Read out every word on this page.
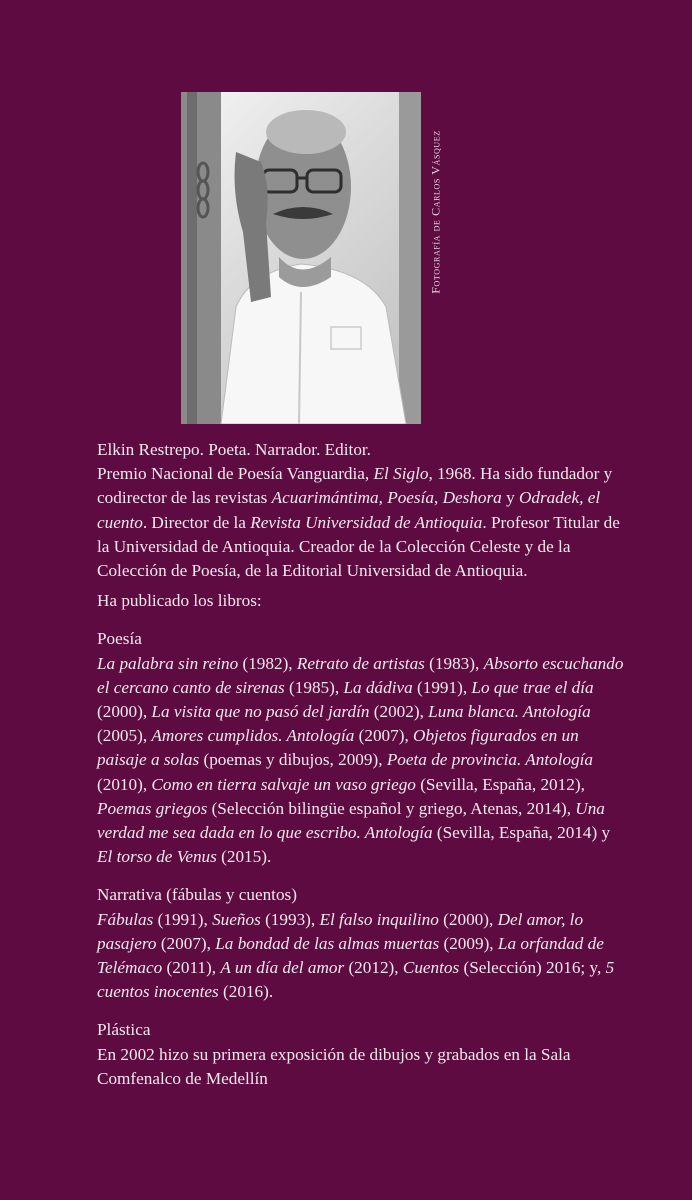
Fotografía de Carlos Vásquez

Elkin Restrepo. Poeta. Narrador. Editor.

Premio Nacional de Poesía Vanguardia, El Siglo, 1968. Ha sido fundador y codirector de las revistas Acuarimántima, Poesía, Deshora y Odradek, el cuento. Director de la Revista Universidad de Antioquia. Profesor Titular de la Universidad de Antioquia. Creador de la Colección Celeste y de la Colección de Poesía, de la Editorial Universidad de Antioquia.

Ha publicado los libros:

Poesía

La palabra sin reino (1982), Retrato de artistas (1983), Absorto escuchando el cercano canto de sirenas (1985), La dádiva (1991), Lo que trae el día (2000), La visita que no pasó del jardín (2002), Luna blanca. Antología (2005), Amores cumplidos. Antología (2007), Objetos figurados en un paisaje a solas (poemas y dibujos, 2009), Poeta de provincia. Antología (2010), Como en tierra salvaje un vaso griego (Sevilla, España, 2012), Poemas griegos (Selección bilingüe español y griego, Atenas, 2014), Una verdad me sea dada en lo que escribo. Antología (Sevilla, España, 2014) y El torso de Venus (2015).

Narrativa (fábulas y cuentos)

Fábulas (1991), Sueños (1993), El falso inquilino (2000), Del amor, lo pasajero (2007), La bondad de las almas muertas (2009), La orfandad de Telémaco (2011), A un día del amor (2012), Cuentos (Selección) 2016; y, 5 cuentos inocentes (2016).

Plástica

En 2002 hizo su primera exposición de dibujos y grabados en la Sala Comfenalco de Medellín
